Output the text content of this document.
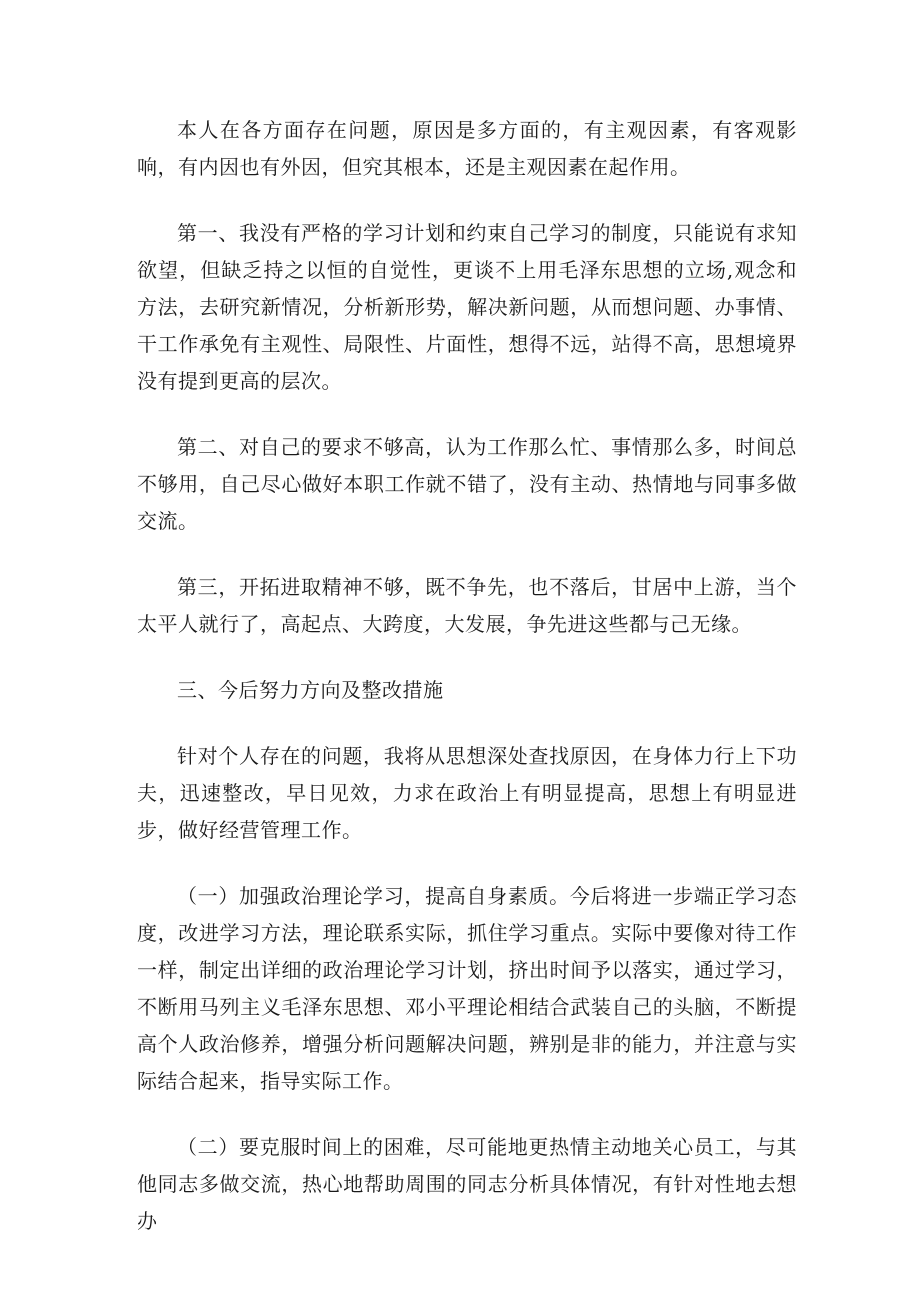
本人在各方面存在问题，原因是多方面的，有主观因素，有客观影响，有内因也有外因，但究其根本，还是主观因素在起作用。

第一、我没有严格的学习计划和约束自己学习的制度，只能说有求知欲望，但缺乏持之以恒的自觉性，更谈不上用毛泽东思想的立场,观念和方法，去研究新情况，分析新形势，解决新问题，从而想问题、办事情、干工作承免有主观性、局限性、片面性，想得不远，站得不高，思想境界没有提到更高的层次。

第二、对自己的要求不够高，认为工作那么忙、事情那么多，时间总不够用，自己尽心做好本职工作就不错了，没有主动、热情地与同事多做交流。

第三，开拓进取精神不够，既不争先，也不落后，甘居中上游，当个太平人就行了，高起点、大跨度，大发展，争先进这些都与己无缘。

三、今后努力方向及整改措施

针对个人存在的问题，我将从思想深处查找原因，在身体力行上下功夫，迅速整改，早日见效，力求在政治上有明显提高，思想上有明显进步，做好经营管理工作。

（一）加强政治理论学习，提高自身素质。今后将进一步端正学习态度，改进学习方法，理论联系实际，抓住学习重点。实际中要像对待工作一样，制定出详细的政治理论学习计划，挤出时间予以落实，通过学习，不断用马列主义毛泽东思想、邓小平理论相结合武装自己的头脑，不断提高个人政治修养，增强分析问题解决问题，辨别是非的能力，并注意与实际结合起来，指导实际工作。

（二）要克服时间上的困难，尽可能地更热情主动地关心员工，与其他同志多做交流，热心地帮助周围的同志分析具体情况，有针对性地去想办
